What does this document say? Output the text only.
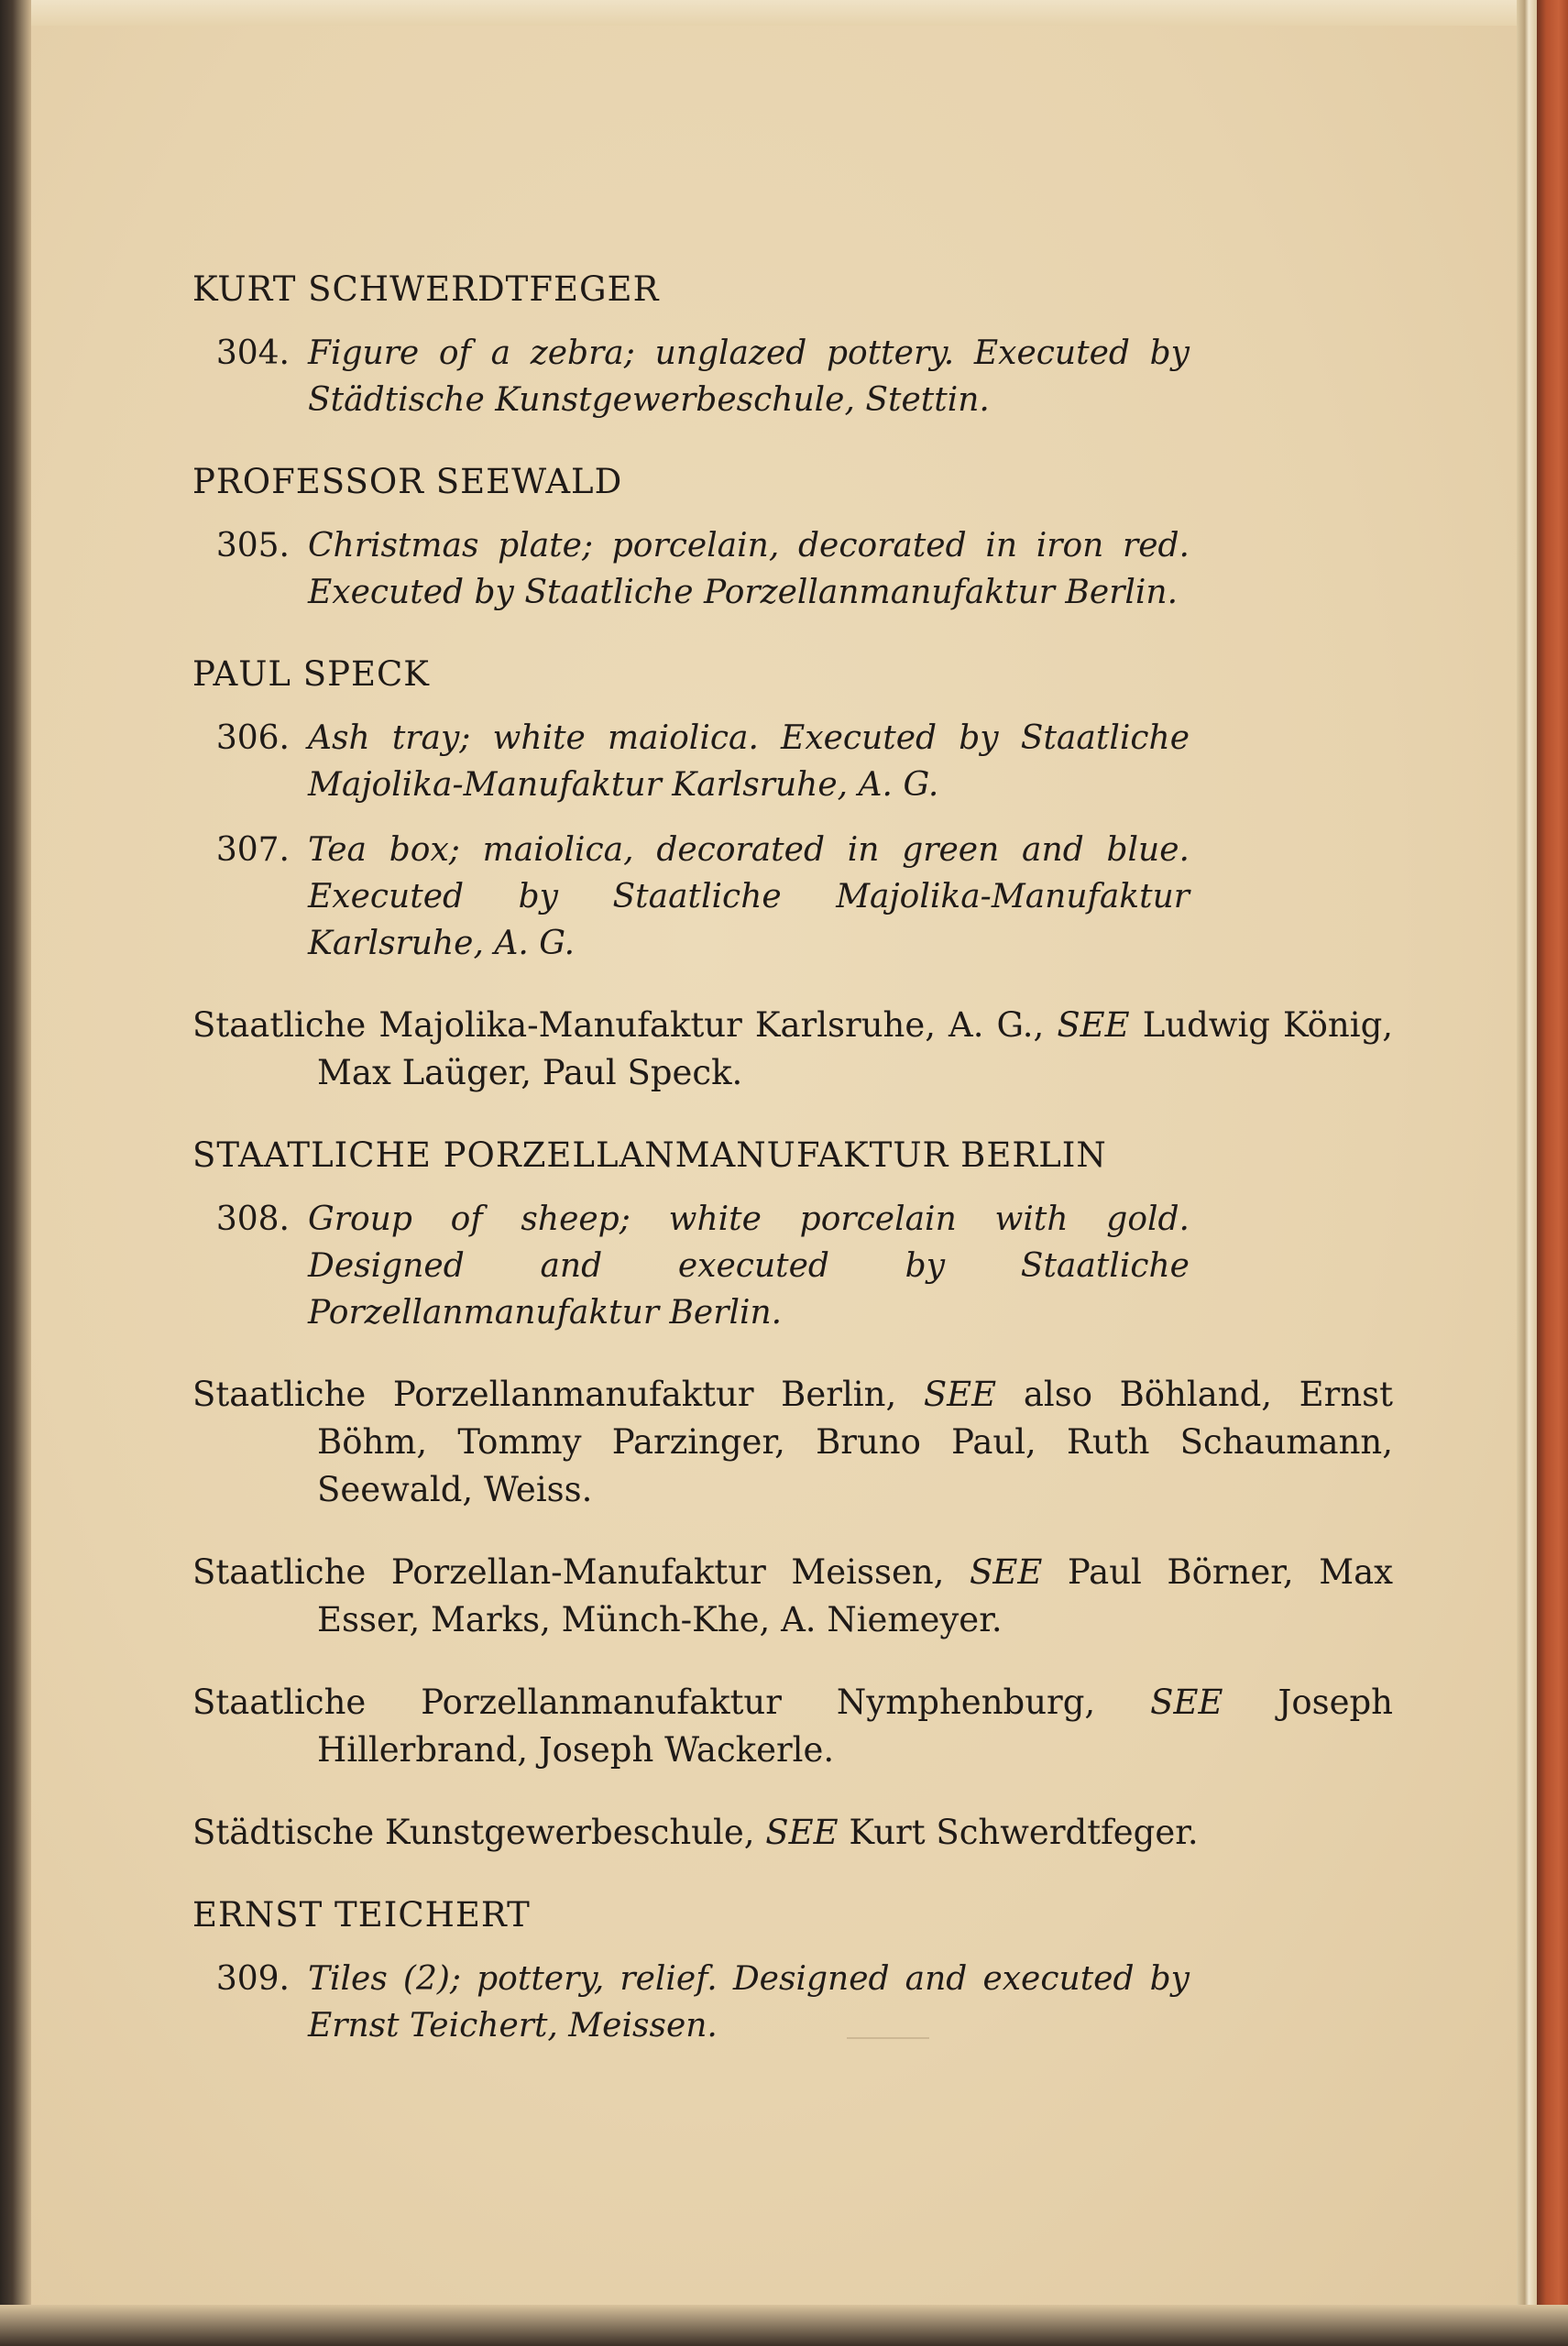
KURT SCHWERDTFEGER
304. Figure of a zebra; unglazed pottery. Executed by Städtische Kunstgewerbeschule, Stettin.
PROFESSOR SEEWALD
305. Christmas plate; porcelain, decorated in iron red. Executed by Staatliche Porzellanmanufaktur Berlin.
PAUL SPECK
306. Ash tray; white maiolica. Executed by Staatliche Majolika-Manufaktur Karlsruhe, A. G.
307. Tea box; maiolica, decorated in green and blue. Executed by Staatliche Majolika-Manufaktur Karlsruhe, A. G.
Staatliche Majolika-Manufaktur Karlsruhe, A. G., SEE Ludwig König, Max Laüger, Paul Speck.
STAATLICHE PORZELLANMANUFAKTUR BERLIN
308. Group of sheep; white porcelain with gold. Designed and executed by Staatliche Porzellanmanufaktur Berlin.
Staatliche Porzellanmanufaktur Berlin, SEE also Böhland, Ernst Böhm, Tommy Parzinger, Bruno Paul, Ruth Schaumann, Seewald, Weiss.
Staatliche Porzellan-Manufaktur Meissen, SEE Paul Börner, Max Esser, Marks, Münch-Khe, A. Niemeyer.
Staatliche Porzellanmanufaktur Nymphenburg, SEE Joseph Hillerbrand, Joseph Wackerle.
Städtische Kunstgewerbeschule, SEE Kurt Schwerdtfeger.
ERNST TEICHERT
309. Tiles (2); pottery, relief. Designed and executed by Ernst Teichert, Meissen.
